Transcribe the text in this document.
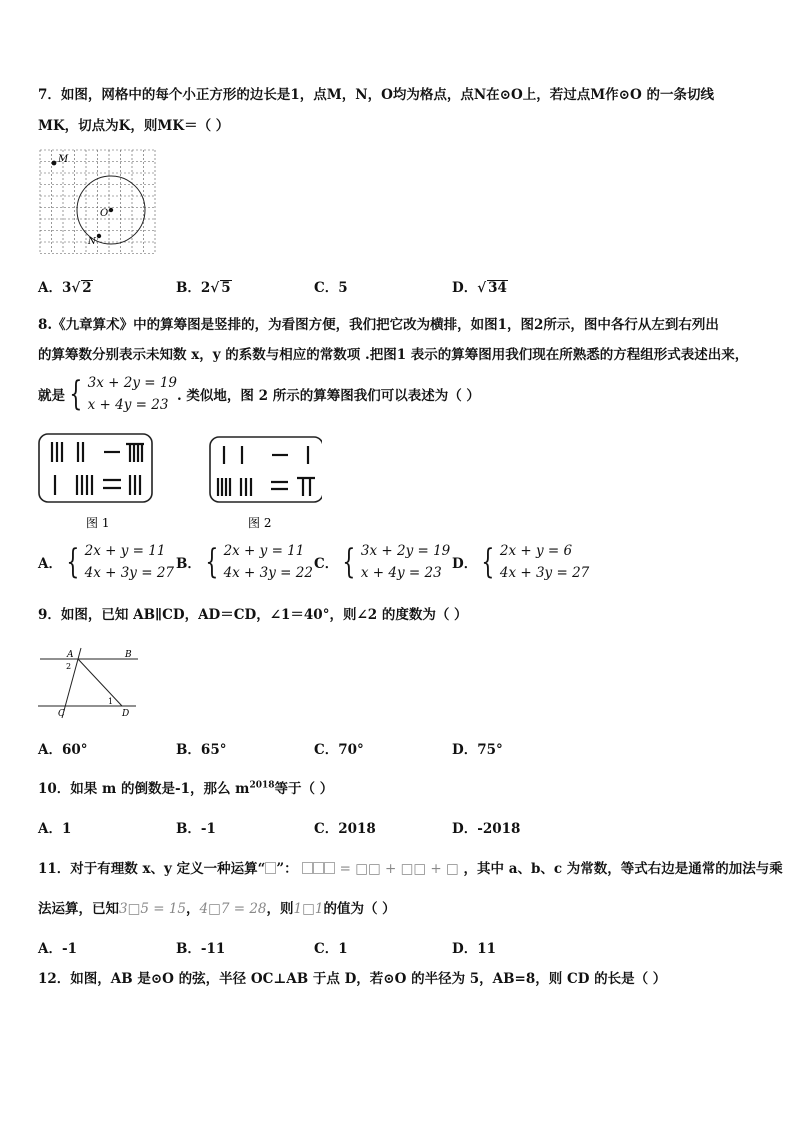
7．如图，网格中的每个小正方形的边长是1，点M，N，O均为格点，点N在⊙O上，若过点M作⊙O 的一条切线
MK，切点为K，则MK＝（ ）
M
O
N
A．3√ 2	B．2√ 5	C．5	D．√ 34
8.《九章算术》中的算筹图是竖排的，为看图方便，我们把它改为横排，如图1，图2所示，图中各行从左到右列出
的算筹数分别表示未知数 x，y 的系数与相应的常数项 .把图1 表示的算筹图用我们现在所熟悉的方程组形式表述出来，
就是 { 3x + 2y = 19
x + 4y = 23
. 类似地，图 2 所示的算筹图我们可以表述为（ ）
图 1	图 2
A． { 2x + y = 11
4x + 3y = 27
B． { 2x + y = 11
4x + 3y = 22
C． { 3x + 2y = 19
x + 4y = 23
D． { 2x + y = 6
4x + 3y = 27
9．如图，已知 AB∥CD，AD＝CD，∠1＝40°，则∠2 的度数为（ ）
A	B
C	D
1
2
A．60°	B．65°	C．70°	D．75°
10．如果 m 的倒数是-1，那么 $m^{2018}$等于（ ）
A．1	B．-1	C．2018	D．-2018
11．对于有理数 x、y 定义一种运算“ ”：	= □□ + □□ + □ ，其中 a、b、c 为常数，等式右边是通常的加法与乘
法运算，已知3□5 = 15，4□7 = 28，则1□1的值为（ ）
A．-1	B．-11	C．1	D．11
12．如图，AB 是⊙O 的弦，半径 OC⊥AB 于点 D，若⊙O 的半径为 5，AB=8，则 CD 的长是（ ）
